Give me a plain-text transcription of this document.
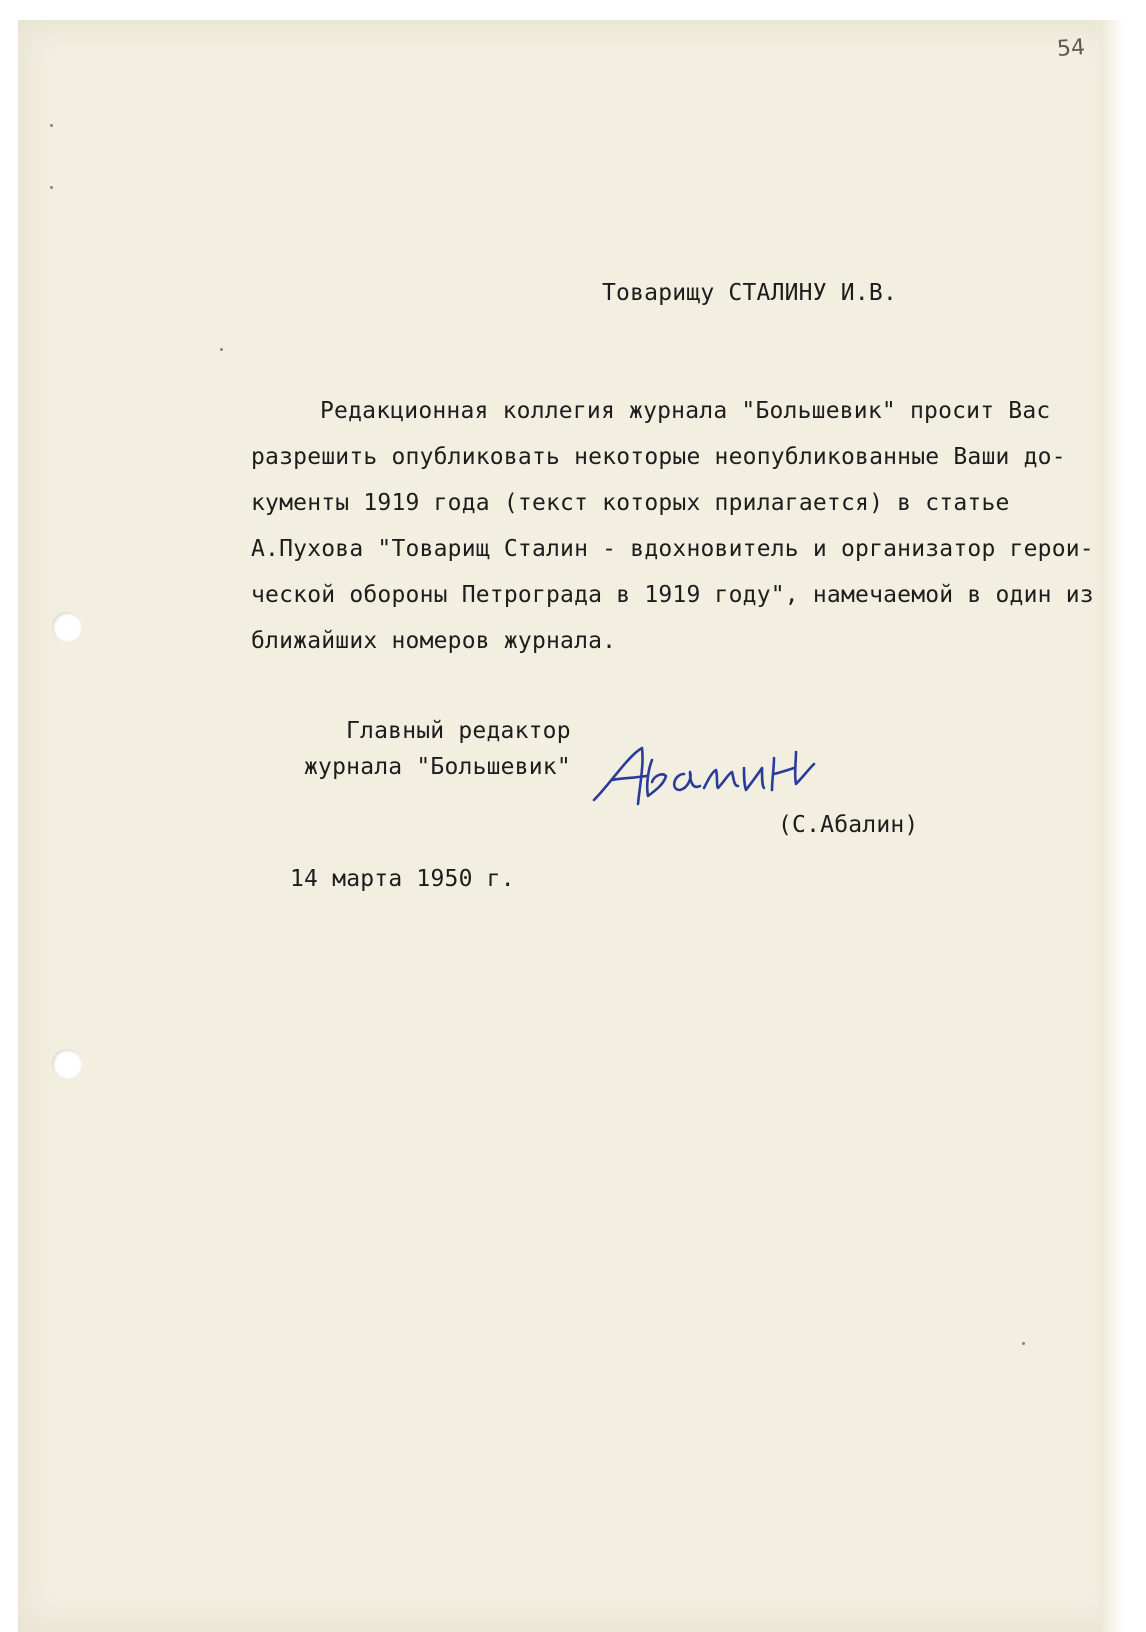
54

Товарищу СТАЛИНУ И.В.

Редакционная коллегия журнала "Большевик" просит Вас

разрешить опубликовать некоторые неопубликованные Ваши до-

кументы 1919 года (текст которых прилагается) в статье

А.Пухова "Товарищ Сталин - вдохновитель и организатор герои-

ческой обороны Петрограда в 1919 году", намечаемой в один из

ближайших номеров журнала.

Главный редактор

журнала "Большевик"

(С.Абалин)

14 марта 1950 г.
